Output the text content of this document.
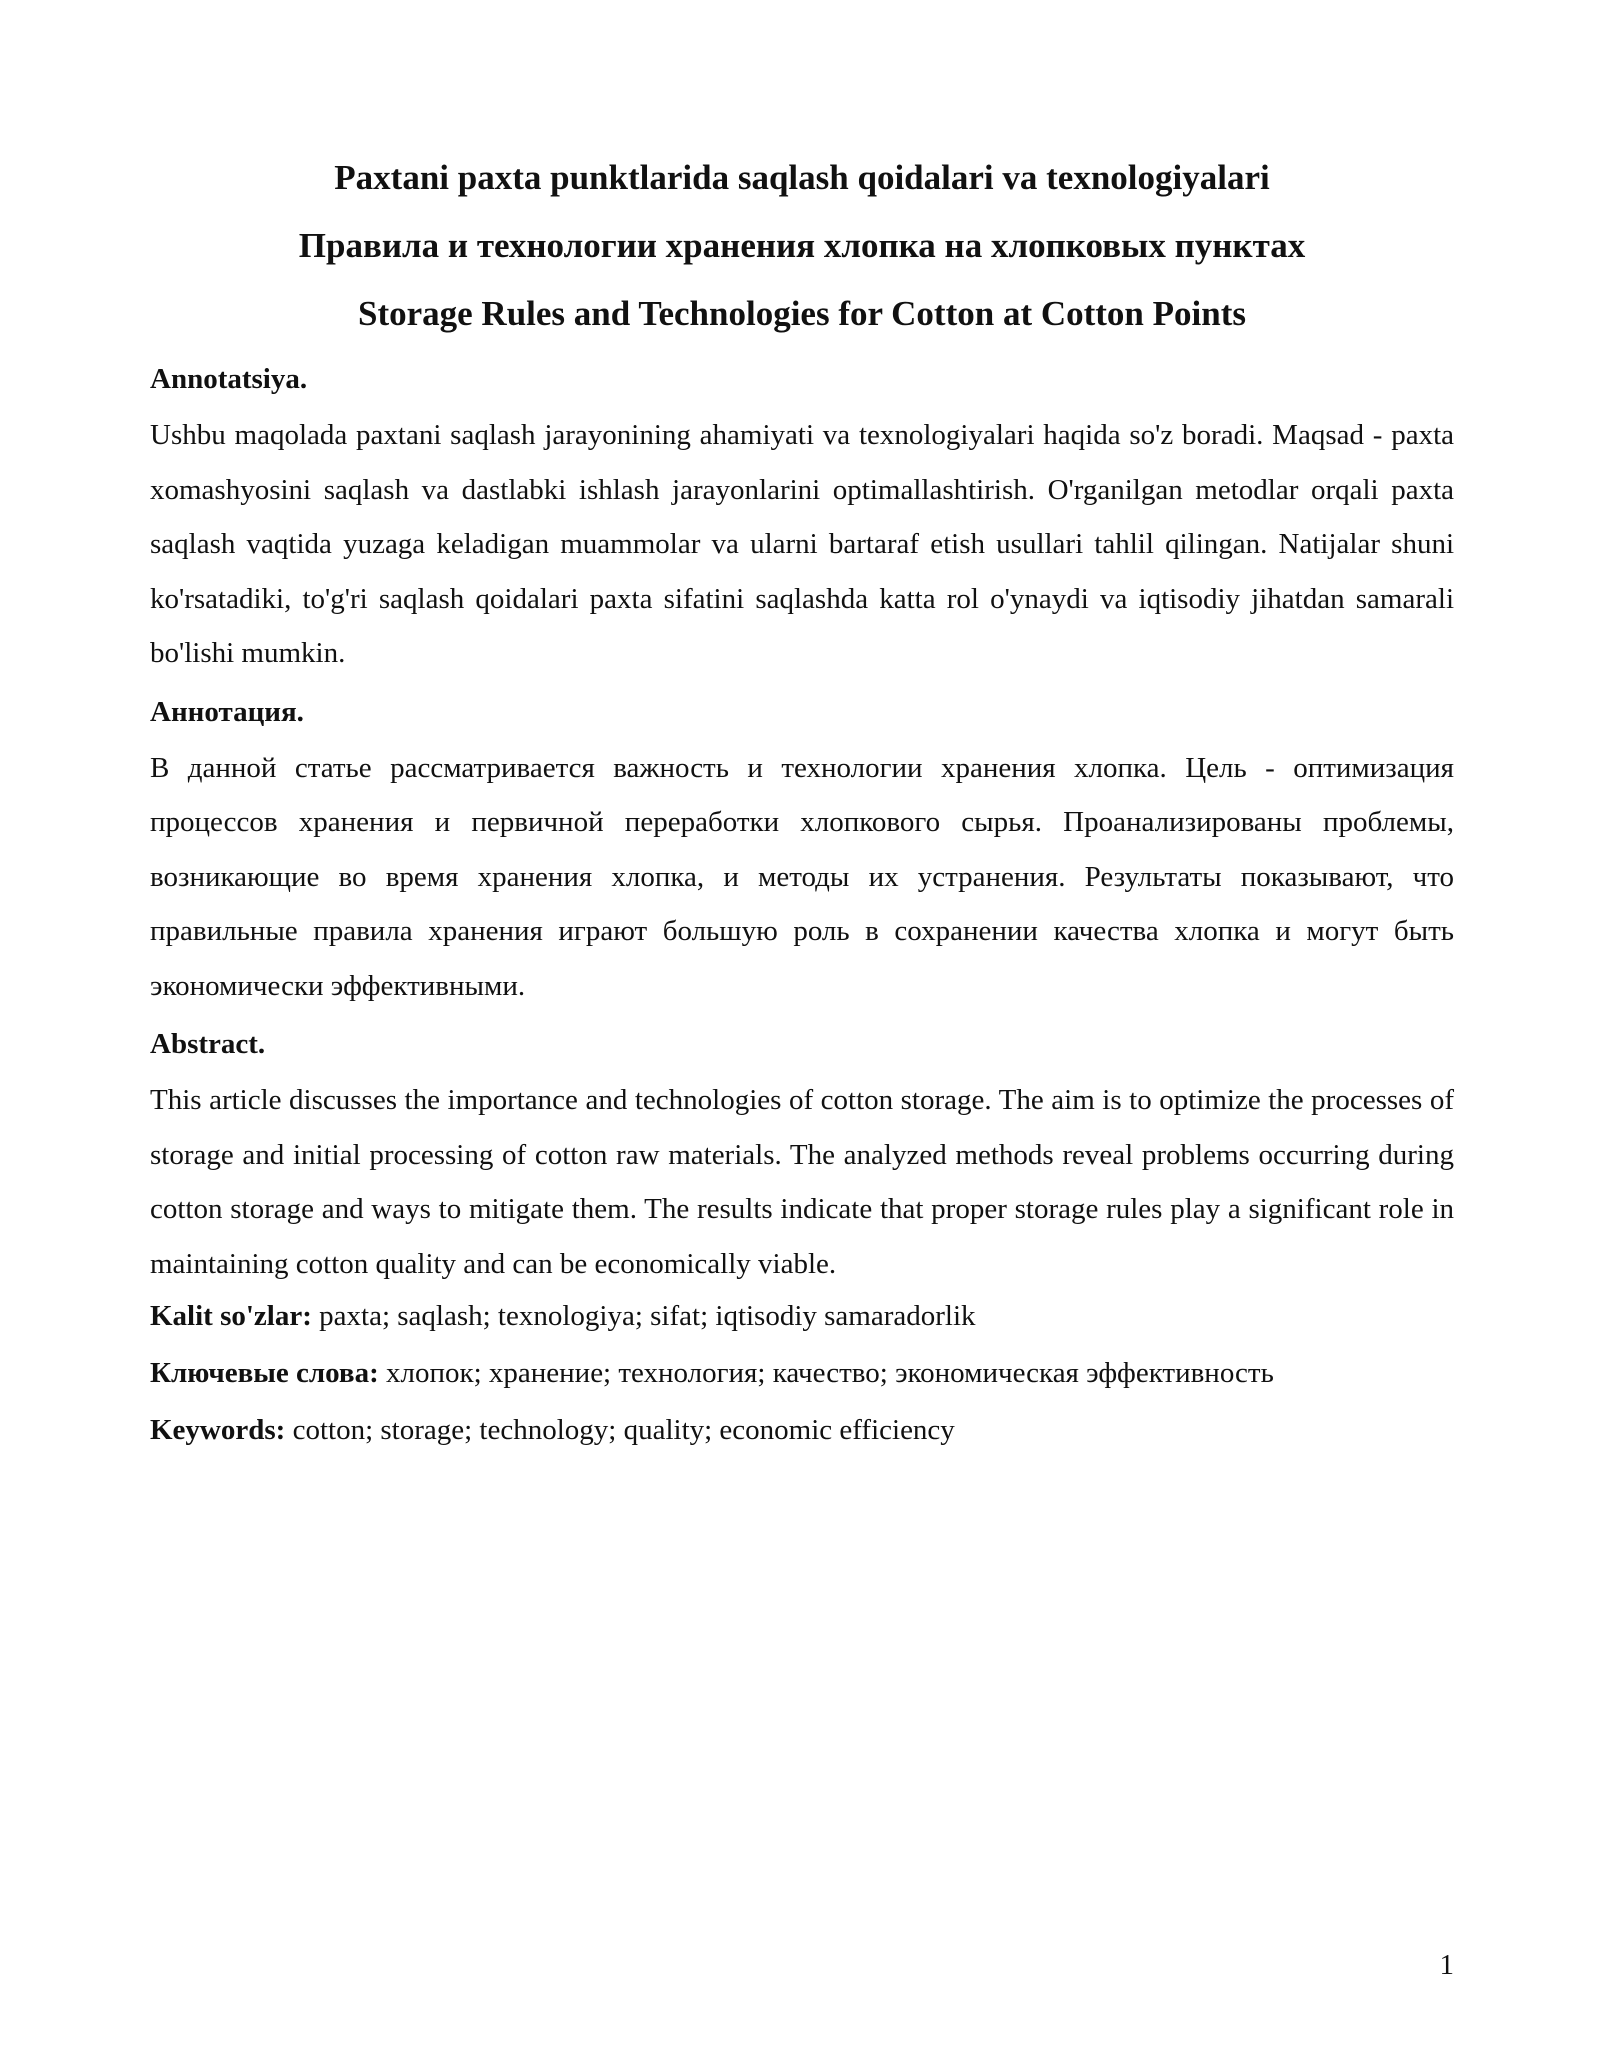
Paxtani paxta punktlarida saqlash qoidalari va texnologiyalari

Правила и технологии хранения хлопка на хлопковых пунктах

Storage Rules and Technologies for Cotton at Cotton Points

Annotatsiya.

Ushbu maqolada paxtani saqlash jarayonining ahamiyati va texnologiyalari haqida so'z boradi. Maqsad - paxta xomashyosini saqlash va dastlabki ishlash jarayonlarini optimallashtirish. O'rganilgan metodlar orqali paxta saqlash vaqtida yuzaga keladigan muammolar va ularni bartaraf etish usullari tahlil qilingan. Natijalar shuni ko'rsatadiki, to'g'ri saqlash qoidalari paxta sifatini saqlashda katta rol o'ynaydi va iqtisodiy jihatdan samarali bo'lishi mumkin.

Аннотация.

В данной статье рассматривается важность и технологии хранения хлопка. Цель - оптимизация процессов хранения и первичной переработки хлопкового сырья. Проанализированы проблемы, возникающие во время хранения хлопка, и методы их устранения. Результаты показывают, что правильные правила хранения играют большую роль в сохранении качества хлопка и могут быть экономически эффективными.

Abstract.

This article discusses the importance and technologies of cotton storage. The aim is to optimize the processes of storage and initial processing of cotton raw materials. The analyzed methods reveal problems occurring during cotton storage and ways to mitigate them. The results indicate that proper storage rules play a significant role in maintaining cotton quality and can be economically viable.

Kalit so'zlar: paxta; saqlash; texnologiya; sifat; iqtisodiy samaradorlik

Ключевые слова: хлопок; хранение; технология; качество; экономическая эффективность

Keywords: cotton; storage; technology; quality; economic efficiency

1
